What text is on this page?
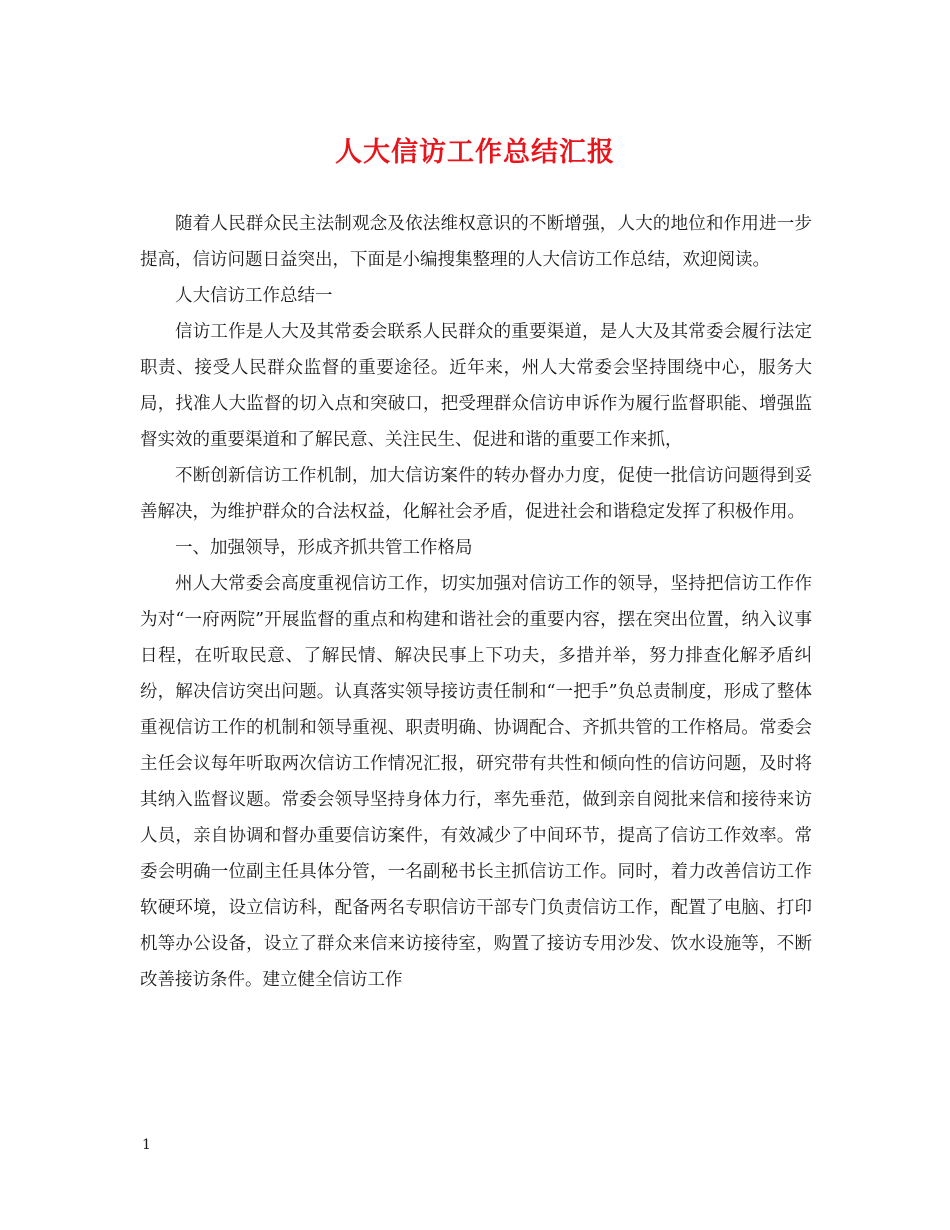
人大信访工作总结汇报

随着人民群众民主法制观念及依法维权意识的不断增强，人大的地位和作用进一步提高，信访问题日益突出，下面是小编搜集整理的人大信访工作总结，欢迎阅读。

人大信访工作总结一

信访工作是人大及其常委会联系人民群众的重要渠道，是人大及其常委会履行法定职责、接受人民群众监督的重要途径。近年来，州人大常委会坚持围绕中心，服务大局，找准人大监督的切入点和突破口，把受理群众信访申诉作为履行监督职能、增强监督实效的重要渠道和了解民意、关注民生、促进和谐的重要工作来抓，

不断创新信访工作机制，加大信访案件的转办督办力度，促使一批信访问题得到妥善解决，为维护群众的合法权益，化解社会矛盾，促进社会和谐稳定发挥了积极作用。

一、加强领导，形成齐抓共管工作格局

州人大常委会高度重视信访工作，切实加强对信访工作的领导，坚持把信访工作作为对“一府两院”开展监督的重点和构建和谐社会的重要内容，摆在突出位置，纳入议事日程，在听取民意、了解民情、解决民事上下功夫，多措并举，努力排查化解矛盾纠纷，解决信访突出问题。认真落实领导接访责任制和“一把手”负总责制度，形成了整体重视信访工作的机制和领导重视、职责明确、协调配合、齐抓共管的工作格局。常委会主任会议每年听取两次信访工作情况汇报，研究带有共性和倾向性的信访问题，及时将其纳入监督议题。常委会领导坚持身体力行，率先垂范，做到亲自阅批来信和接待来访人员，亲自协调和督办重要信访案件，有效减少了中间环节，提高了信访工作效率。常委会明确一位副主任具体分管，一名副秘书长主抓信访工作。同时，着力改善信访工作软硬环境，设立信访科，配备两名专职信访干部专门负责信访工作，配置了电脑、打印机等办公设备，设立了群众来信来访接待室，购置了接访专用沙发、饮水设施等，不断改善接访条件。建立健全信访工作

1
